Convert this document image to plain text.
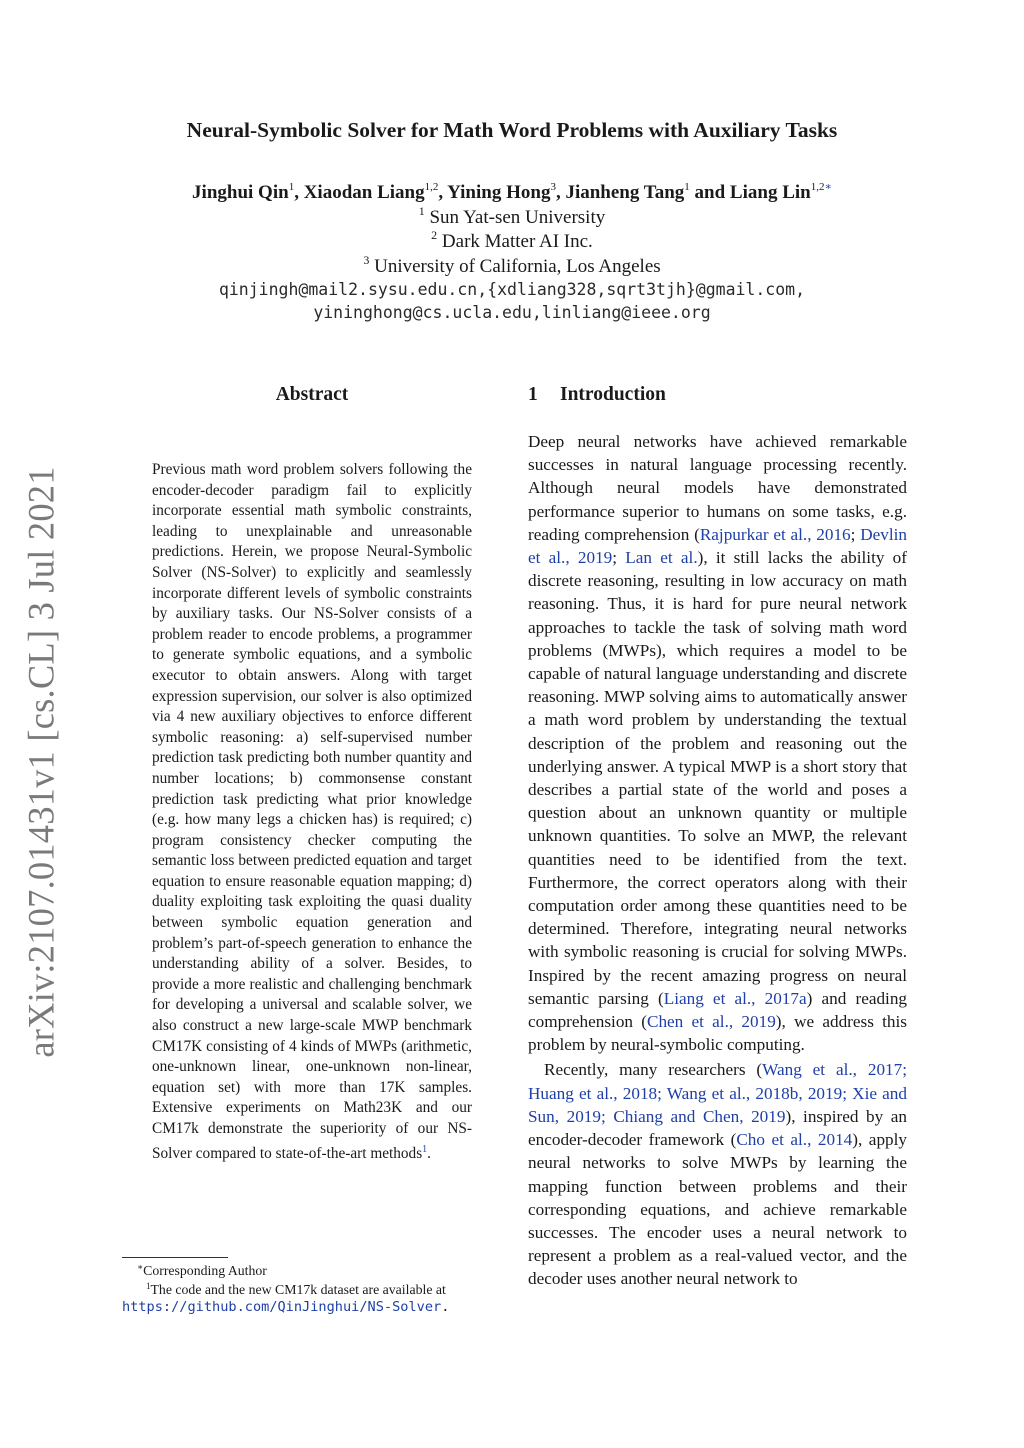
arXiv:2107.01431v1 [cs.CL] 3 Jul 2021
Neural-Symbolic Solver for Math Word Problems with Auxiliary Tasks
Jinghui Qin$^1$, Xiaodan Liang$^{1,2}$, Yining Hong$^3$, Jianheng Tang$^1$ and Liang Lin$^{1,2∗}$
$^1$ Sun Yat-sen University
$^2$ Dark Matter AI Inc.
$^3$ University of California, Los Angeles
qinjingh@mail2.sysu.edu.cn,{xdliang328,sqrt3tjh}@gmail.com,
yininghong@cs.ucla.edu,linliang@ieee.org
Abstract
Previous math word problem solvers following the encoder-decoder paradigm fail to explicitly incorporate essential math symbolic constraints, leading to unexplainable and unreasonable predictions. Herein, we propose Neural-Symbolic Solver (NS-Solver) to explicitly and seamlessly incorporate different levels of symbolic constraints by auxiliary tasks. Our NS-Solver consists of a problem reader to encode problems, a programmer to generate symbolic equations, and a symbolic executor to obtain answers. Along with target expression supervision, our solver is also optimized via 4 new auxiliary objectives to enforce different symbolic reasoning: a) self-supervised number prediction task predicting both number quantity and number locations; b) commonsense constant prediction task predicting what prior knowledge (e.g. how many legs a chicken has) is required; c) program consistency checker computing the semantic loss between predicted equation and target equation to ensure reasonable equation mapping; d) duality exploiting task exploiting the quasi duality between symbolic equation generation and problem’s part-of-speech generation to enhance the understanding ability of a solver. Besides, to provide a more realistic and challenging benchmark for developing a universal and scalable solver, we also construct a new large-scale MWP benchmark CM17K consisting of 4 kinds of MWPs (arithmetic, one-unknown linear, one-unknown non-linear, equation set) with more than 17K samples. Extensive experiments on Math23K and our CM17k demonstrate the superiority of our NS-Solver compared to state-of-the-art methods$^1$.
∗Corresponding Author
$^1$The code and the new CM17k dataset are available at
https://github.com/QinJinghui/NS-Solver.
1 Introduction

Deep neural networks have achieved remarkable successes in natural language processing recently. Although neural models have demonstrated performance superior to humans on some tasks, e.g. reading comprehension (Rajpurkar et al., 2016; Devlin et al., 2019; Lan et al.), it still lacks the ability of discrete reasoning, resulting in low accuracy on math reasoning. Thus, it is hard for pure neural network approaches to tackle the task of solving math word problems (MWPs), which requires a model to be capable of natural language understanding and discrete reasoning. MWP solving aims to automatically answer a math word problem by understanding the textual description of the problem and reasoning out the underlying answer. A typical MWP is a short story that describes a partial state of the world and poses a question about an unknown quantity or multiple unknown quantities. To solve an MWP, the relevant quantities need to be identified from the text. Furthermore, the correct operators along with their computation order among these quantities need to be determined. Therefore, integrating neural networks with symbolic reasoning is crucial for solving MWPs. Inspired by the recent amazing progress on neural semantic parsing (Liang et al., 2017a) and reading comprehension (Chen et al., 2019), we address this problem by neural-symbolic computing.

Recently, many researchers (Wang et al., 2017; Huang et al., 2018; Wang et al., 2018b, 2019; Xie and Sun, 2019; Chiang and Chen, 2019), inspired by an encoder-decoder framework (Cho et al., 2014), apply neural networks to solve MWPs by learning the mapping function between problems and their corresponding equations, and achieve remarkable successes. The encoder uses a neural network to represent a problem as a real-valued vector, and the decoder uses another neural network to
